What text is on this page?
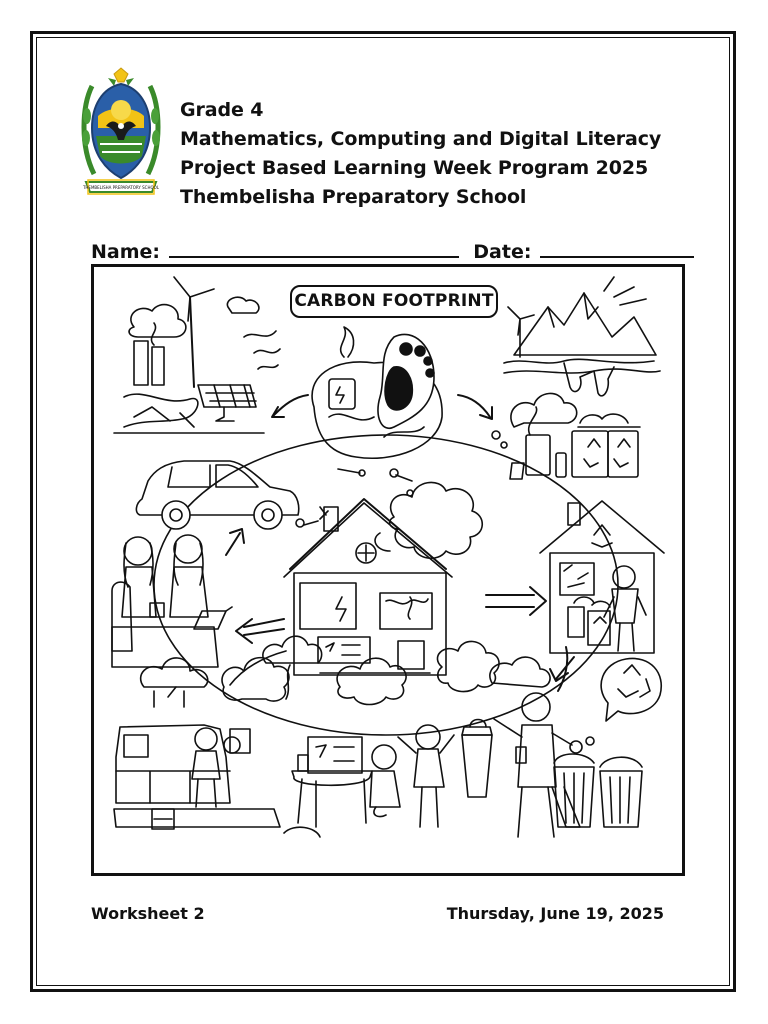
THEMBELISHA PREPARATORY SCHOOL
Grade 4
Mathematics, Computing and Digital Literacy
Project Based Learning Week Program 2025
Thembelisha Preparatory School
Name:	Date:
CARBON FOOTPRINT
Worksheet 2	Thursday, June 19, 2025
